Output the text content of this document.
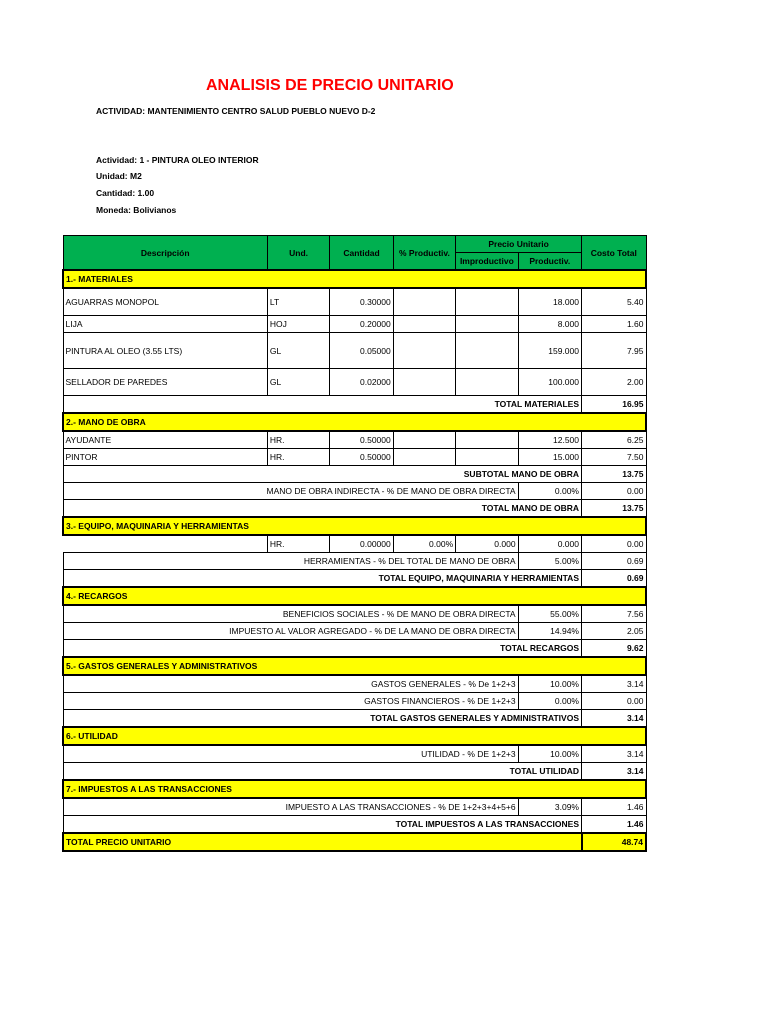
ANALISIS DE PRECIO UNITARIO
ACTIVIDAD: MANTENIMIENTO CENTRO SALUD PUEBLO NUEVO D-2
Actividad: 1 - PINTURA OLEO INTERIOR
Unidad: M2
Cantidad: 1.00
Moneda: Bolivianos
Descripción	Und.	Cantidad	% Productiv.	Precio Unitario		Costo Total
				Improductivo	Productiv.	
1.- MATERIALES						
AGUARRAS MONOPOL	LT	0.30000			18.000	5.40
LIJA	HOJ	0.20000			8.000	1.60
PINTURA AL OLEO (3.55 LTS)	GL	0.05000			159.000	7.95
SELLADOR DE PAREDES	GL	0.02000			100.000	2.00
TOTAL MATERIALES						16.95
2.- MANO DE OBRA						
AYUDANTE	HR.	0.50000			12.500	6.25
PINTOR	HR.	0.50000			15.000	7.50
SUBTOTAL MANO DE OBRA						13.75
MANO DE OBRA INDIRECTA - % DE MANO DE OBRA DIRECTA					0.00%	0.00
TOTAL MANO DE OBRA						13.75
3.- EQUIPO, MAQUINARIA Y HERRAMIENTAS						
	HR.	0.00000	0.00%	0.000	0.000	0.00
HERRAMIENTAS - % DEL TOTAL DE MANO DE OBRA					5.00%	0.69
TOTAL EQUIPO, MAQUINARIA Y HERRAMIENTAS						0.69
4.- RECARGOS						
BENEFICIOS SOCIALES - % DE MANO DE OBRA DIRECTA					55.00%	7.56
IMPUESTO AL VALOR AGREGADO - % DE LA MANO DE OBRA DIRECTA					14.94%	2.05
TOTAL RECARGOS						9.62
5.- GASTOS GENERALES Y ADMINISTRATIVOS						
GASTOS GENERALES - % De 1+2+3					10.00%	3.14
GASTOS FINANCIEROS - % DE 1+2+3					0.00%	0.00
TOTAL GASTOS GENERALES Y ADMINISTRATIVOS						3.14
6.- UTILIDAD						
UTILIDAD - % DE 1+2+3					10.00%	3.14
TOTAL UTILIDAD						3.14
7.- IMPUESTOS A LAS TRANSACCIONES						
IMPUESTO A LAS TRANSACCIONES - % DE 1+2+3+4+5+6					3.09%	1.46
TOTAL IMPUESTOS A LAS TRANSACCIONES						1.46
TOTAL PRECIO UNITARIO						48.74
